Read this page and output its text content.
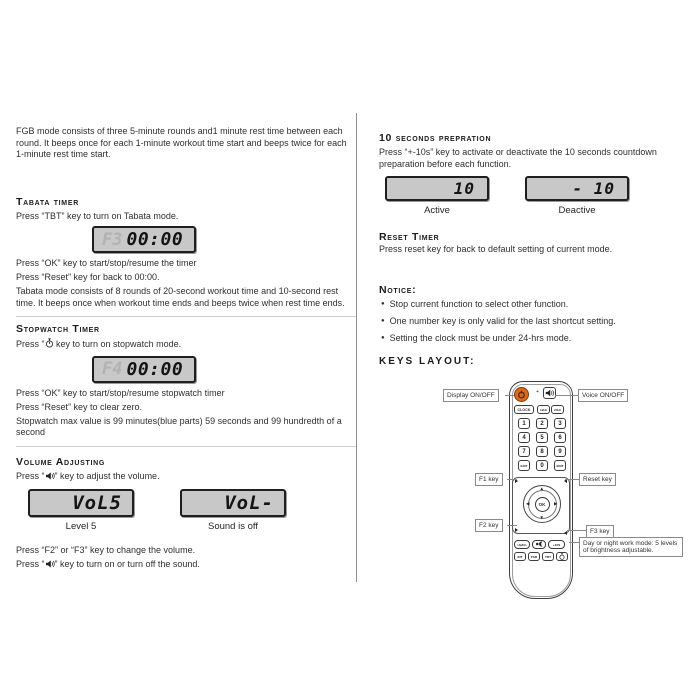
FGB mode consists of three 5-minute rounds and1 minute rest time between each round. It beeps once for each 1-minute workout time start and beeps twice for each 1-minute rest time start.

Tabata timer

Press “TBT” key to turn on Tabata mode.

F3 00:00

Press “OK” key to start/stop/resume the timer

Press “Reset” key for back to 00:00.

Tabata mode consists of 8 rounds of 20-second workout time and 10-second rest time. It beeps once when workout time ends and beeps twice when rest time ends.

Stopwatch Timer

Press “ key to turn on stopwatch mode.

F4 00:00

Press “OK” key to start/stop/resume stopwatch timer

Press “Reset” key to clear zero.

Stopwatch max value is 99 minutes(blue parts) 59 seconds and 99 hundredth of a second

Volume Adjusting

Press “ ” key to adjust the volume.

VoL5
Level 5
VoL-
Sound is off

Press “F2” or “F3” key to change the volume.

Press “ ” key to turn on or turn off the sound.

10 seconds prepration

Press “+-10s” key to activate or deactivate the 10 seconds countdown preparation before each function.

10
Active
- 10
Deactive
Reset Timer

Press reset key for back to default setting of current mode.

Notice:
● Stop current function to select other function.
● One number key is only valid for the last shortcut setting.
● Setting the clock must be under 24-hrs mode.
KEYS LAYOUT:
+
CLOCK	12Hr	24Hr
1	2	3
4	5	6
7	8	9
EXIT	0	EDIT
▲
▼
◀	▶
OK
Up/Dn	+10S
INT	FGB	TBT
Display ON/OFF	Voice ON/OFF
F1 key	Reset key
F2 key
F3 key
Day or night work mode: 5 levels of brightness adjustable.
